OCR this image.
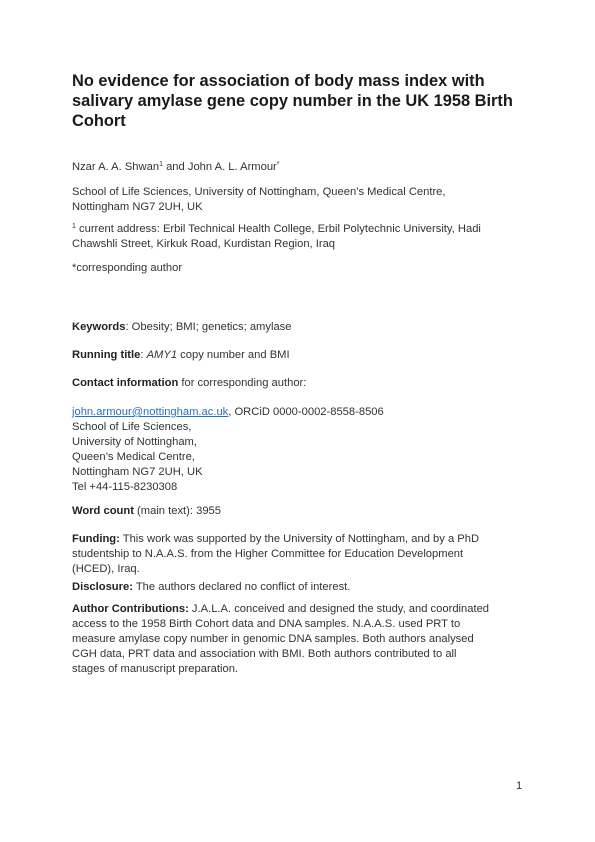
No evidence for association of body mass index with
salivary amylase gene copy number in the UK 1958 Birth
Cohort
Nzar A. A. Shwan$^1$ and John A. L. Armour*
School of Life Sciences, University of Nottingham, Queen’s Medical Centre,
Nottingham NG7 2UH, UK
$^1$ current address: Erbil Technical Health College, Erbil Polytechnic University, Hadi
Chawshli Street, Kirkuk Road, Kurdistan Region, Iraq
*corresponding author
Keywords: Obesity; BMI; genetics; amylase
Running title: AMY1 copy number and BMI
Contact information for corresponding author:
john.armour@nottingham.ac.uk, ORCiD 0000-0002-8558-8506
School of Life Sciences,
University of Nottingham,
Queen’s Medical Centre,
Nottingham NG7 2UH, UK
Tel +44-115-8230308
Word count (main text): 3955
Funding: This work was supported by the University of Nottingham, and by a PhD
studentship to N.A.A.S. from the Higher Committee for Education Development
(HCED), Iraq.
Disclosure: The authors declared no conflict of interest.
Author Contributions: J.A.L.A. conceived and designed the study, and coordinated
access to the 1958 Birth Cohort data and DNA samples. N.A.A.S. used PRT to
measure amylase copy number in genomic DNA samples. Both authors analysed
CGH data, PRT data and association with BMI. Both authors contributed to all
stages of manuscript preparation.
1
